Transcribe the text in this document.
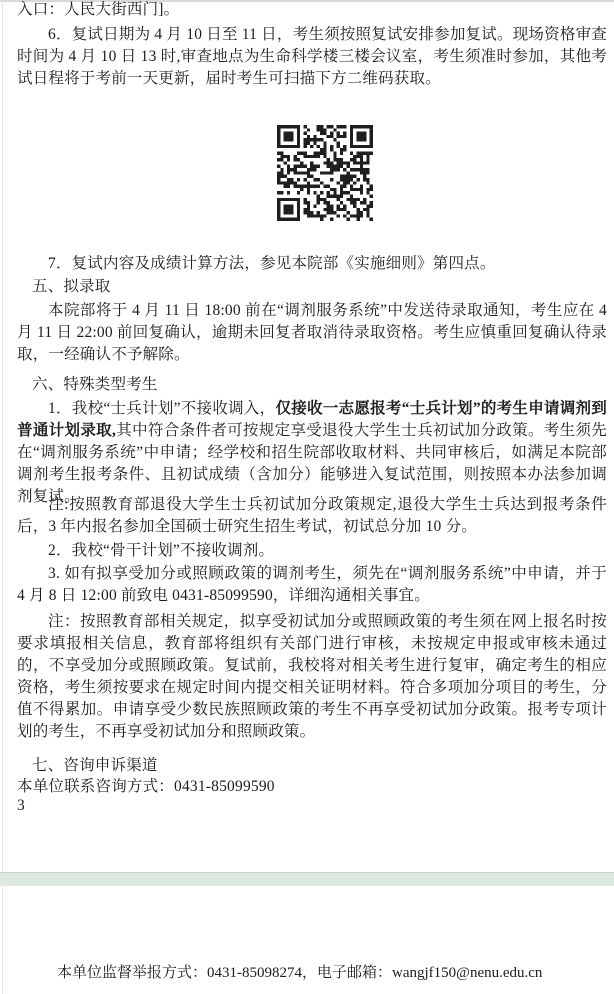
入口：人民大街西门]。

6．复试日期为 4 月 10 日至 11 日，考生须按照复试安排参加复试。现场资格审查时间为 4 月 10 日 13 时,审查地点为生命科学楼三楼会议室，考生须准时参加，其他考试日程将于考前一天更新，届时考生可扫描下方二维码获取。

7．复试内容及成绩计算方法，参见本院部《实施细则》第四点。

五、拟录取

本院部将于 4 月 11 日 18:00 前在“调剂服务系统”中发送待录取通知，考生应在 4 月 11 日 22:00 前回复确认，逾期未回复者取消待录取资格。考生应慎重回复确认待录取，一经确认不予解除。

六、特殊类型考生

1．我校“士兵计划”不接收调入，仅接收一志愿报考“士兵计划”的考生申请调剂到普通计划录取,其中符合条件者可按规定享受退役大学生士兵初试加分政策。考生须先在“调剂服务系统”中申请；经学校和招生院部收取材料、共同审核后，如满足本院部调剂考生报考条件、且初试成绩（含加分）能够进入复试范围，则按照本办法参加调剂复试。

注:按照教育部退役大学生士兵初试加分政策规定,退役大学生士兵达到报考条件后，3 年内报名参加全国硕士研究生招生考试，初试总分加 10 分。

2．我校“骨干计划”不接收调剂。

3. 如有拟享受加分或照顾政策的调剂考生，须先在“调剂服务系统”中申请，并于 4 月 8 日 12:00 前致电 0431-85099590，详细沟通相关事宜。

注：按照教育部相关规定，拟享受初试加分或照顾政策的考生须在网上报名时按要求填报相关信息，教育部将组织有关部门进行审核，未按规定申报或审核未通过的，不享受加分或照顾政策。复试前，我校将对相关考生进行复审，确定考生的相应资格，考生须按要求在规定时间内提交相关证明材料。符合多项加分项目的考生，分值不得累加。申请享受少数民族照顾政策的考生不再享受初试加分政策。报考专项计划的考生，不再享受初试加分和照顾政策。

七、咨询申诉渠道

本单位联系咨询方式：0431-85099590

3

本单位监督举报方式：0431-85098274，电子邮箱：wangjf150@nenu.edu.cn
